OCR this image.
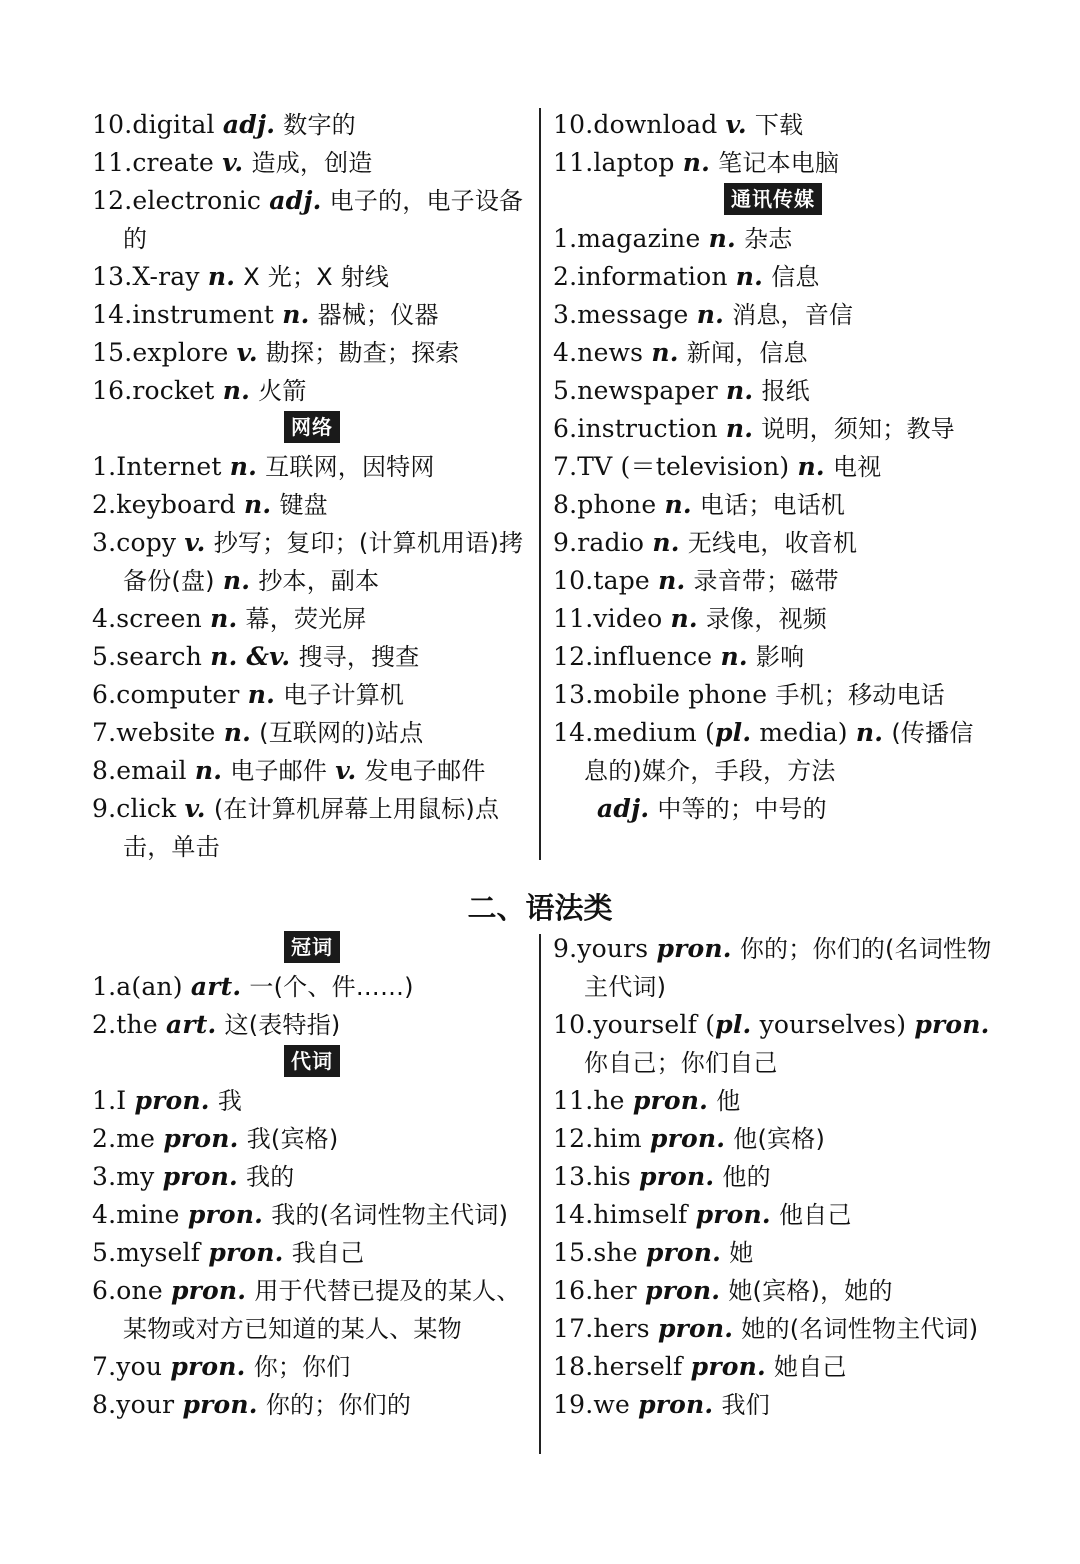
10.digital adj. 数字的
11.create v. 造成，创造
12.electronic adj. 电子的，电子设备的
13.X-ray n. X 光；X 射线
14.instrument n. 器械；仪器
15.explore v. 勘探；勘查；探索
16.rocket n. 火箭
网络
1.Internet n. 互联网，因特网
2.keyboard n. 键盘
3.copy v. 抄写；复印；(计算机用语)拷备份(盘) n. 抄本，副本
4.screen n. 幕，荧光屏
5.search n. &v. 搜寻，搜查
6.computer n. 电子计算机
7.website n. (互联网的)站点
8.email n. 电子邮件 v. 发电子邮件
9.click v. (在计算机屏幕上用鼠标)点击，单击
10.download v. 下载
11.laptop n. 笔记本电脑
通讯传媒
1.magazine n. 杂志
2.information n. 信息
3.message n. 消息，音信
4.news n. 新闻，信息
5.newspaper n. 报纸
6.instruction n. 说明，须知；教导
7.TV (＝television) n. 电视
8.phone n. 电话；电话机
9.radio n. 无线电，收音机
10.tape n. 录音带；磁带
11.video n. 录像，视频
12.influence n. 影响
13.mobile phone 手机；移动电话
14.medium (pl. media) n. (传播信息的)媒介，手段，方法
adj. 中等的；中号的
二、语法类
冠词
1.a(an) art. 一(个、件……)
2.the art. 这(表特指)
代词
1.I pron. 我
2.me pron. 我(宾格)
3.my pron. 我的
4.mine pron. 我的(名词性物主代词)
5.myself pron. 我自己
6.one pron. 用于代替已提及的某人、某物或对方已知道的某人、某物
7.you pron. 你；你们
8.your pron. 你的；你们的
9.yours pron. 你的；你们的(名词性物主代词)
10.yourself (pl. yourselves) pron. 你自己；你们自己
11.he pron. 他
12.him pron. 他(宾格)
13.his pron. 他的
14.himself pron. 他自己
15.she pron. 她
16.her pron. 她(宾格)，她的
17.hers pron. 她的(名词性物主代词)
18.herself pron. 她自己
19.we pron. 我们
